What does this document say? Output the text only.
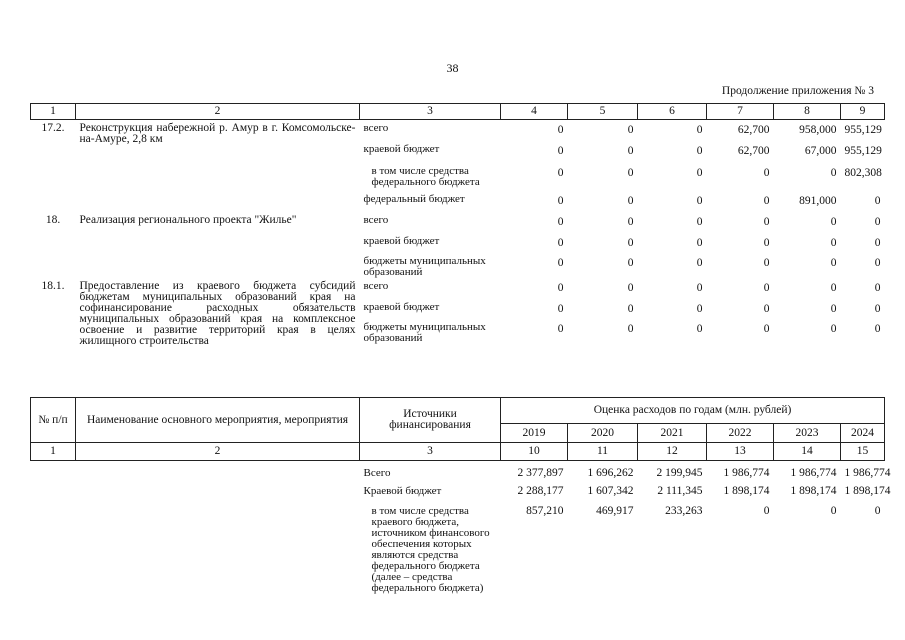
38
Продолжение приложения № 3
1	2	3	4	5	6	7	8	9
17.2.	Реконструкция набережной р. Амур в г. Комсомольске-на-Амуре, 2,8 км	всего	0	0	0	62,700	958,000	955,129
		краевой бюджет	0	0	0	62,700	67,000	955,129
		в том числе средства федерального бюджета	0	0	0	0	0	802,308
		федеральный бюджет	0	0	0	0	891,000	0
18.	Реализация регионального проекта "Жилье"	всего	0	0	0	0	0	0
		краевой бюджет	0	0	0	0	0	0
		бюджеты муниципальных образований	0	0	0	0	0	0
18.1.	Предоставление из краевого бюджета субсидий бюджетам муниципальных образований края на софинансирование расходных обязательств муниципальных образований края на комплексное освоение и развитие территорий края в целях жилищного строительства	всего	0	0	0	0	0	0
		краевой бюджет	0	0	0	0	0	0
		бюджеты муниципальных образований	0	0	0	0	0	0
№ п/п	Наименование основного мероприятия, мероприятия	Источники финансирования	Оценка расходов по годам (млн. рублей)					
			2019	2020	2021	2022	2023	2024
1	2	3	10	11	12	13	14	15

		Всего	2 377,897	1 696,262	2 199,945	1 986,774	1 986,774	1 986,774
		Краевой бюджет	2 288,177	1 607,342	2 111,345	1 898,174	1 898,174	1 898,174
		в том числе средства краевого бюджета, источником финансового обеспечения которых являются средства федерального бюджета (далее – средства федерального бюджета)	857,210	469,917	233,263	0	0	0
